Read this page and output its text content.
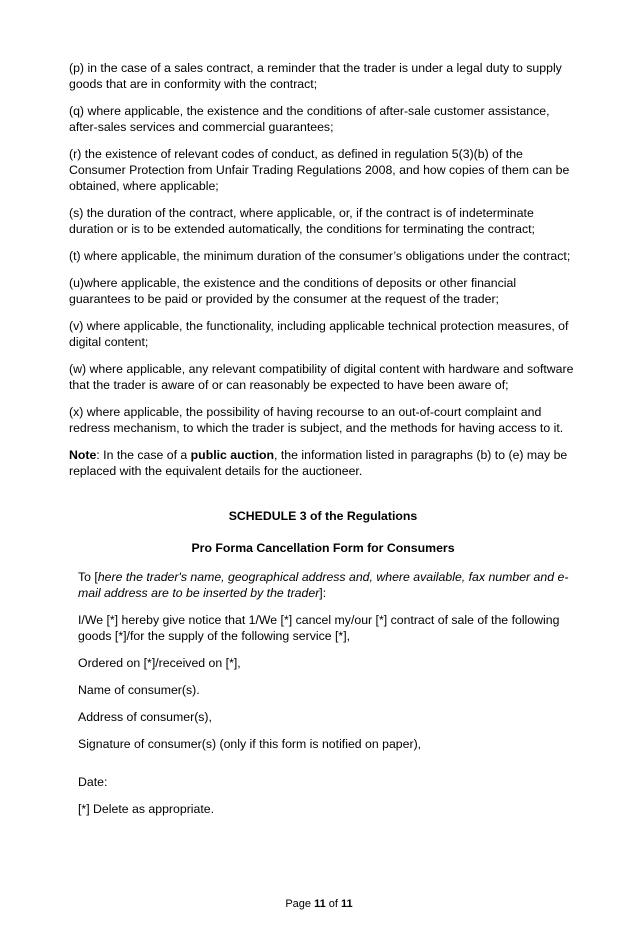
(p) in the case of a sales contract, a reminder that the trader is under a legal duty to supply goods that are in conformity with the contract;

(q) where applicable, the existence and the conditions of after-sale customer assistance, after-sales services and commercial guarantees;

(r) the existence of relevant codes of conduct, as defined in regulation 5(3)(b) of the Consumer Protection from Unfair Trading Regulations 2008, and how copies of them can be obtained, where applicable;

(s) the duration of the contract, where applicable, or, if the contract is of indeterminate duration or is to be extended automatically, the conditions for terminating the contract;

(t) where applicable, the minimum duration of the consumer’s obligations under the contract;

(u)where applicable, the existence and the conditions of deposits or other financial guarantees to be paid or provided by the consumer at the request of the trader;

(v) where applicable, the functionality, including applicable technical protection measures, of digital content;

(w) where applicable, any relevant compatibility of digital content with hardware and software that the trader is aware of or can reasonably be expected to have been aware of;

(x) where applicable, the possibility of having recourse to an out-of-court complaint and redress mechanism, to which the trader is subject, and the methods for having access to it.

Note: In the case of a public auction, the information listed in paragraphs (b) to (e) may be replaced with the equivalent details for the auctioneer.

SCHEDULE 3 of the Regulations

Pro Forma Cancellation Form for Consumers

To [here the trader's name, geographical address and, where available, fax number and e-mail address are to be inserted by the trader]:

I/We [*] hereby give notice that 1/We [*] cancel my/our [*] contract of sale of the following goods [*]/for the supply of the following service [*],

Ordered on [*]/received on [*],

Name of consumer(s).

Address of consumer(s),

Signature of consumer(s) (only if this form is notified on paper),

Date:

[*] Delete as appropriate.

Page 11 of 11
